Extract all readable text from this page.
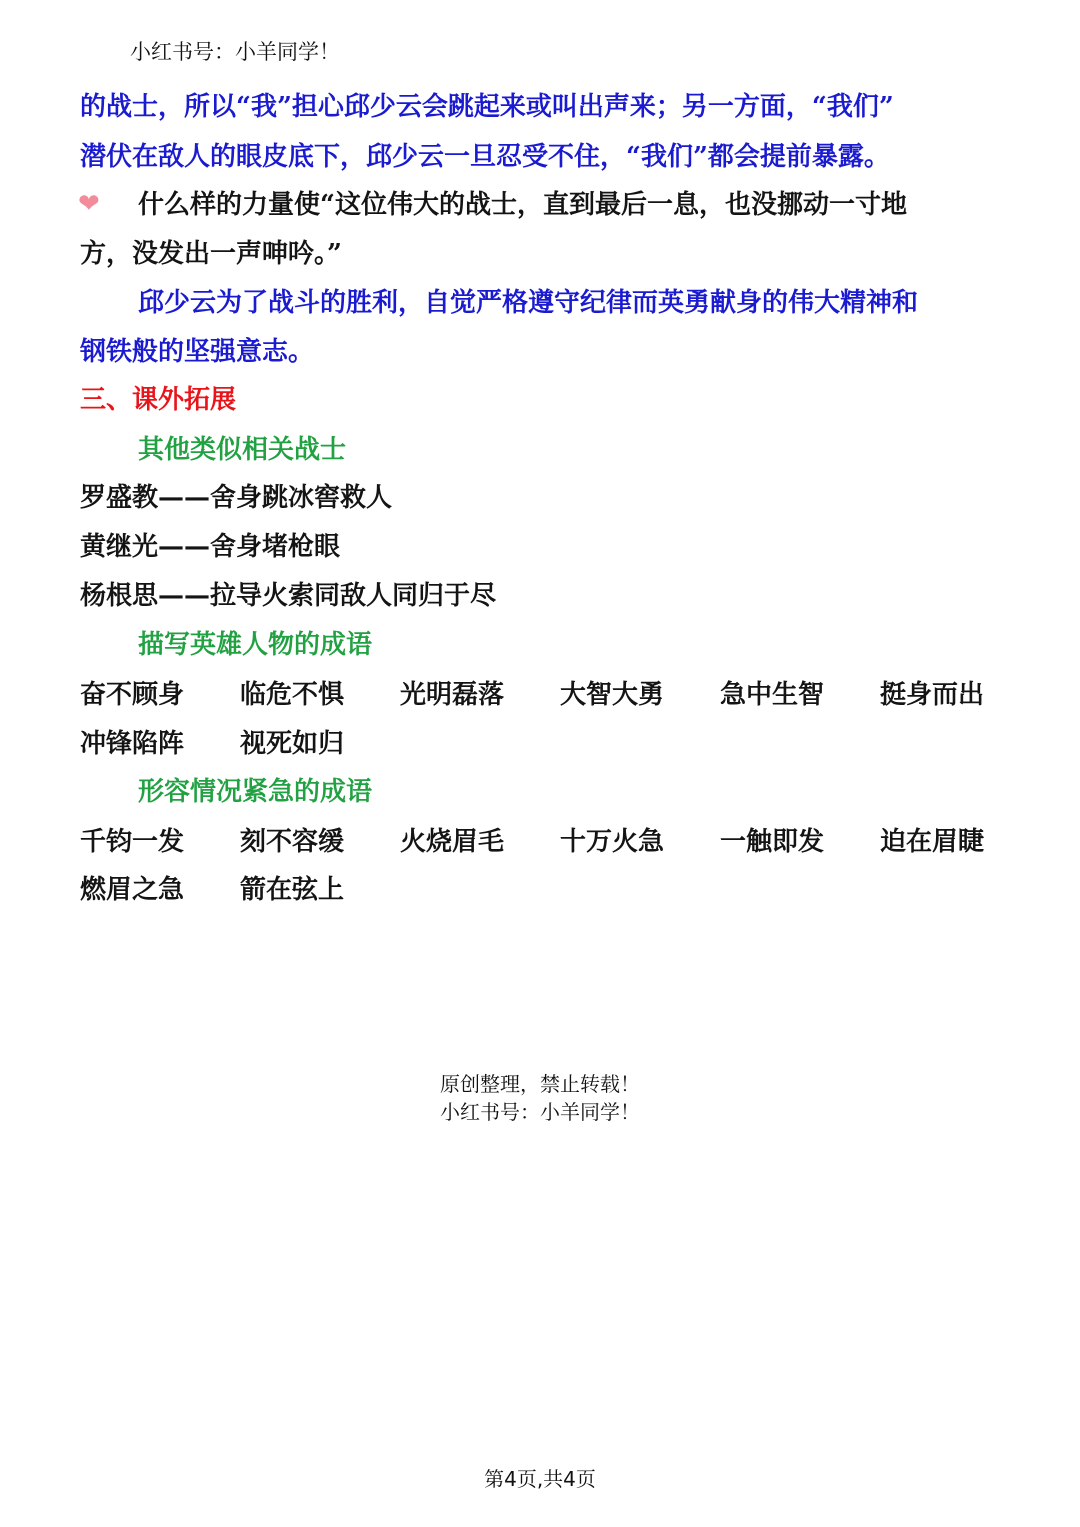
小红书号：小羊同学！
的战士，所以“我”担心邱少云会跳起来或叫出声来；另一方面，“我们”
潜伏在敌人的眼皮底下，邱少云一旦忍受不住，“我们”都会提前暴露。
❤ 什么样的力量使“这位伟大的战士，直到最后一息，也没挪动一寸地
方，没发出一声呻吟。”
邱少云为了战斗的胜利，自觉严格遵守纪律而英勇献身的伟大精神和
钢铁般的坚强意志。
三、课外拓展
其他类似相关战士
罗盛教——舍身跳冰窖救人
黄继光——舍身堵枪眼
杨根思——拉导火索同敌人同归于尽
描写英雄人物的成语
奋不顾身	临危不惧	光明磊落	大智大勇	急中生智	挺身而出
冲锋陷阵	视死如归
形容情况紧急的成语
千钧一发	刻不容缓	火烧眉毛	十万火急	一触即发	迫在眉睫
燃眉之急	箭在弦上
原创整理，禁止转载！
小红书号：小羊同学！
第4页,共4页
